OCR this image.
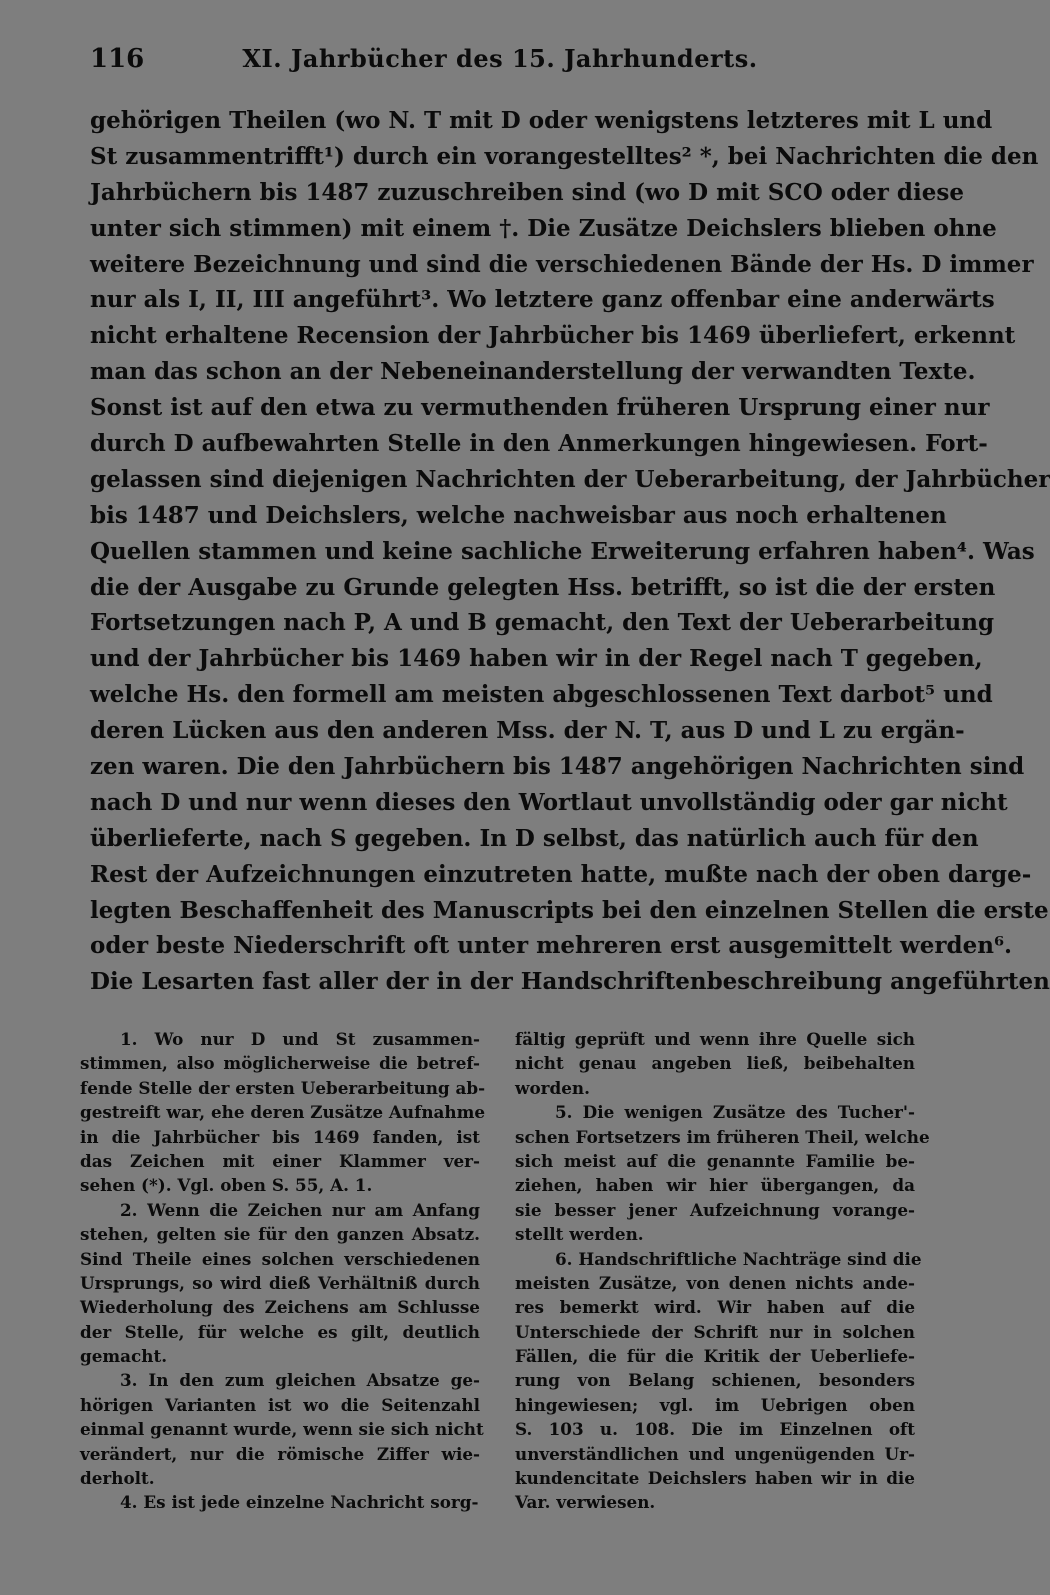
116	XI. Jahrbücher des 15. Jahrhunderts.
gehörigen Theilen (wo N. T mit D oder wenigstens letzteres mit L und
St zusammentrifft¹) durch ein vorangestelltes² *, bei Nachrichten die den
Jahrbüchern bis 1487 zuzuschreiben sind (wo D mit SCO oder diese
unter sich stimmen) mit einem †. Die Zusätze Deichslers blieben ohne
weitere Bezeichnung und sind die verschiedenen Bände der Hs. D immer
nur als I, II, III angeführt³. Wo letztere ganz offenbar eine anderwärts
nicht erhaltene Recension der Jahrbücher bis 1469 überliefert, erkennt
man das schon an der Nebeneinanderstellung der verwandten Texte.
Sonst ist auf den etwa zu vermuthenden früheren Ursprung einer nur
durch D aufbewahrten Stelle in den Anmerkungen hingewiesen. Fort-
gelassen sind diejenigen Nachrichten der Ueberarbeitung, der Jahrbücher
bis 1487 und Deichslers, welche nachweisbar aus noch erhaltenen
Quellen stammen und keine sachliche Erweiterung erfahren haben⁴. Was
die der Ausgabe zu Grunde gelegten Hss. betrifft, so ist die der ersten
Fortsetzungen nach P, A und B gemacht, den Text der Ueberarbeitung
und der Jahrbücher bis 1469 haben wir in der Regel nach T gegeben,
welche Hs. den formell am meisten abgeschlossenen Text darbot⁵ und
deren Lücken aus den anderen Mss. der N. T, aus D und L zu ergän-
zen waren. Die den Jahrbüchern bis 1487 angehörigen Nachrichten sind
nach D und nur wenn dieses den Wortlaut unvollständig oder gar nicht
überlieferte, nach S gegeben. In D selbst, das natürlich auch für den
Rest der Aufzeichnungen einzutreten hatte, mußte nach der oben darge-
legten Beschaffenheit des Manuscripts bei den einzelnen Stellen die erste
oder beste Niederschrift oft unter mehreren erst ausgemittelt werden⁶.
Die Lesarten fast aller der in der Handschriftenbeschreibung angeführten
1. Wo nur D und St zusammen-
stimmen, also möglicherweise die betref-
fende Stelle der ersten Ueberarbeitung ab-
gestreift war, ehe deren Zusätze Aufnahme
in die Jahrbücher bis 1469 fanden, ist
das Zeichen mit einer Klammer ver-
sehen (*). Vgl. oben S. 55, A. 1.
2. Wenn die Zeichen nur am Anfang
stehen, gelten sie für den ganzen Absatz.
Sind Theile eines solchen verschiedenen
Ursprungs, so wird dieß Verhältniß durch
Wiederholung des Zeichens am Schlusse
der Stelle, für welche es gilt, deutlich
gemacht.
3. In den zum gleichen Absatze ge-
hörigen Varianten ist wo die Seitenzahl
einmal genannt wurde, wenn sie sich nicht
verändert, nur die römische Ziffer wie-
derholt.
4. Es ist jede einzelne Nachricht sorg-
fältig geprüft und wenn ihre Quelle sich
nicht genau angeben ließ, beibehalten
worden.
5. Die wenigen Zusätze des Tucher'-
schen Fortsetzers im früheren Theil, welche
sich meist auf die genannte Familie be-
ziehen, haben wir hier übergangen, da
sie besser jener Aufzeichnung vorange-
stellt werden.
6. Handschriftliche Nachträge sind die
meisten Zusätze, von denen nichts ande-
res bemerkt wird. Wir haben auf die
Unterschiede der Schrift nur in solchen
Fällen, die für die Kritik der Ueberliefe-
rung von Belang schienen, besonders
hingewiesen; vgl. im Uebrigen oben
S. 103 u. 108. Die im Einzelnen oft
unverständlichen und ungenügenden Ur-
kundencitate Deichslers haben wir in die
Var. verwiesen.
